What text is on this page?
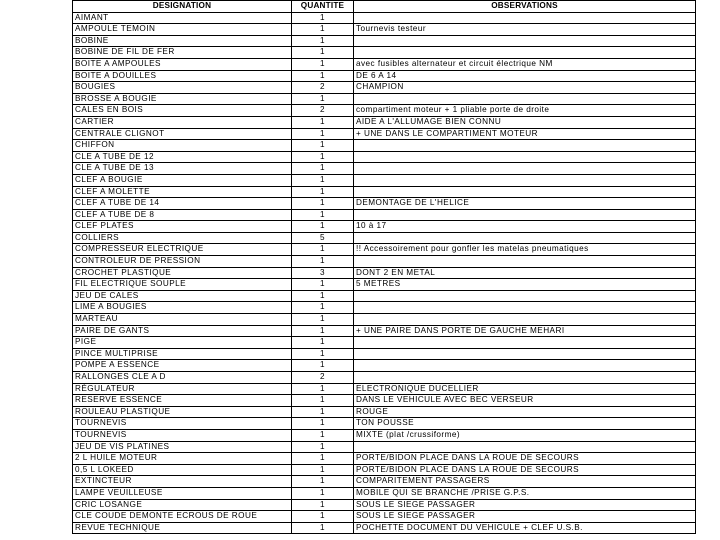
DESIGNATION	QUANTITE	OBSERVATIONS
AIMANT	1	
AMPOULE TEMOIN	1	Tournevis testeur
BOBINE	1	
BOBINE DE FIL DE FER	1	
BOITE A AMPOULES	1	avec fusibles alternateur et circuit électrique NM
BOITE A DOUILLES	1	DE 6 A 14
BOUGIES	2	CHAMPION
BROSSE A BOUGIE	1	
CALES EN BOIS	2	compartiment moteur + 1 pliable porte de droite
CARTIER	1	AIDE A L'ALLUMAGE BIEN CONNU
CENTRALE CLIGNOT	1	+ UNE DANS LE COMPARTIMENT MOTEUR
CHIFFON	1	
CLE A TUBE DE 12	1	
CLE A TUBE DE 13	1	
CLEF A BOUGIE	1	
CLEF A MOLETTE	1	
CLEF A TUBE DE 14	1	DEMONTAGE DE L'HELICE
CLEF A TUBE DE 8	1	
CLEF PLATES	1	10 à 17
COLLIERS	5	
COMPRESSEUR ELECTRIQUE	1	!! Accessoirement pour gonfler les matelas pneumatiques
CONTROLEUR DE PRESSION	1	
CROCHET PLASTIQUE	3	DONT 2 EN METAL
FIL ELECTRIQUE SOUPLE	1	5 METRES
JEU DE CALES	1	
LIME A BOUGIES	1	
MARTEAU	1	
PAIRE DE GANTS	1	+ UNE PAIRE DANS PORTE DE GAUCHE MEHARI
PIGE	1	
PINCE MULTIPRISE	1	
POMPE A ESSENCE	1	
RALLONGES CLE A D	2	
RÉGULATEUR	1	ELECTRONIQUE DUCELLIER
RESERVE ESSENCE	1	DANS LE VEHICULE AVEC BEC VERSEUR
ROULEAU PLASTIQUE	1	ROUGE
TOURNEVIS	1	TON POUSSE
TOURNEVIS	1	MIXTE (plat /crussiforme)
JEU DE VIS PLATINES	1	
2 L HUILE MOTEUR	1	PORTE/BIDON PLACE DANS LA ROUE DE SECOURS
0,5 L LOKEED	1	PORTE/BIDON PLACE DANS LA ROUE DE SECOURS
EXTINCTEUR	1	COMPARITEMENT PASSAGERS
LAMPE VEUILLEUSE	1	MOBILE QUI SE BRANCHE /PRISE G.P.S.
CRIC LOSANGE	1	SOUS LE SIEGE PASSAGER
CLE COUDE DEMONTE ECROUS DE ROUE	1	SOUS LE SIEGE PASSAGER
REVUE TECHNIQUE	1	POCHETTE DOCUMENT DU VEHICULE + CLEF U.S.B.
